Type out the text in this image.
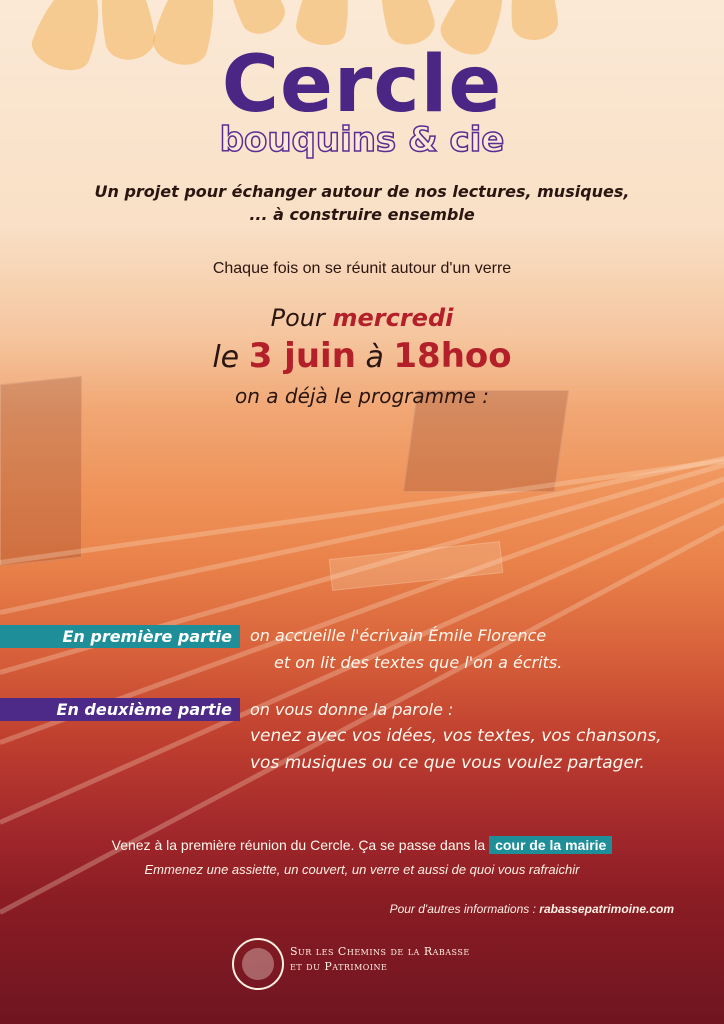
Cercle
bouquins & cie
Un projet pour échanger autour de nos lectures, musiques,
... à construire ensemble
Chaque fois on se réunit autour d'un verre
Pour mercredi
le 3 juin à 18hoo
on a déjà le programme :
En première partie	on accueille l'écrivain Émile Florence
et on lit des textes que l'on a écrits.
En deuxième partie	on vous donne la parole :
venez avec vos idées, vos textes, vos chansons,
vos musiques ou ce que vous voulez partager.
Venez à la première réunion du Cercle. Ça se passe dans la cour de la mairie
Emmenez une assiette, un couvert, un verre et aussi de quoi vous rafraichir
Pour d'autres informations : rabassepatrimoine.com
Sur les Chemins de la Rabasse
et du Patrimoine
